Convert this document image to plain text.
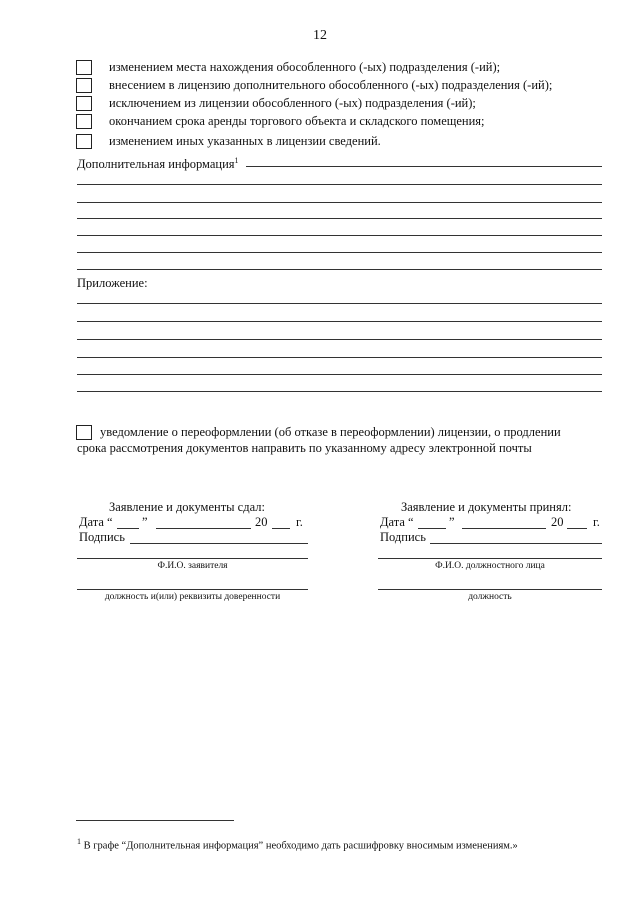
12
изменением места нахождения обособленного (-ых) подразделения (-ий);
внесением в лицензию дополнительного обособленного (-ых) подразделения (-ий);
исключением из лицензии обособленного (-ых) подразделения (-ий);
окончанием срока аренды торгового объекта и складского помещения;
изменением иных указанных в лицензии сведений.
Дополнительная информация$^1$
Приложение:
уведомление о переоформлении (об отказе в переоформлении) лицензии, о продлении
срока рассмотрения документов направить по указанному адресу электронной почты
Заявление и документы сдал:
Дата “ ”	20 г.
Подпись
Ф.И.О. заявителя
должность и(или) реквизиты доверенности
Заявление и документы принял:
Дата “	”	20 г.
Подпись
Ф.И.О. должностного лица
должность
$^1$ В графе “Дополнительная информация” необходимо дать расшифровку вносимым изменениям.»
